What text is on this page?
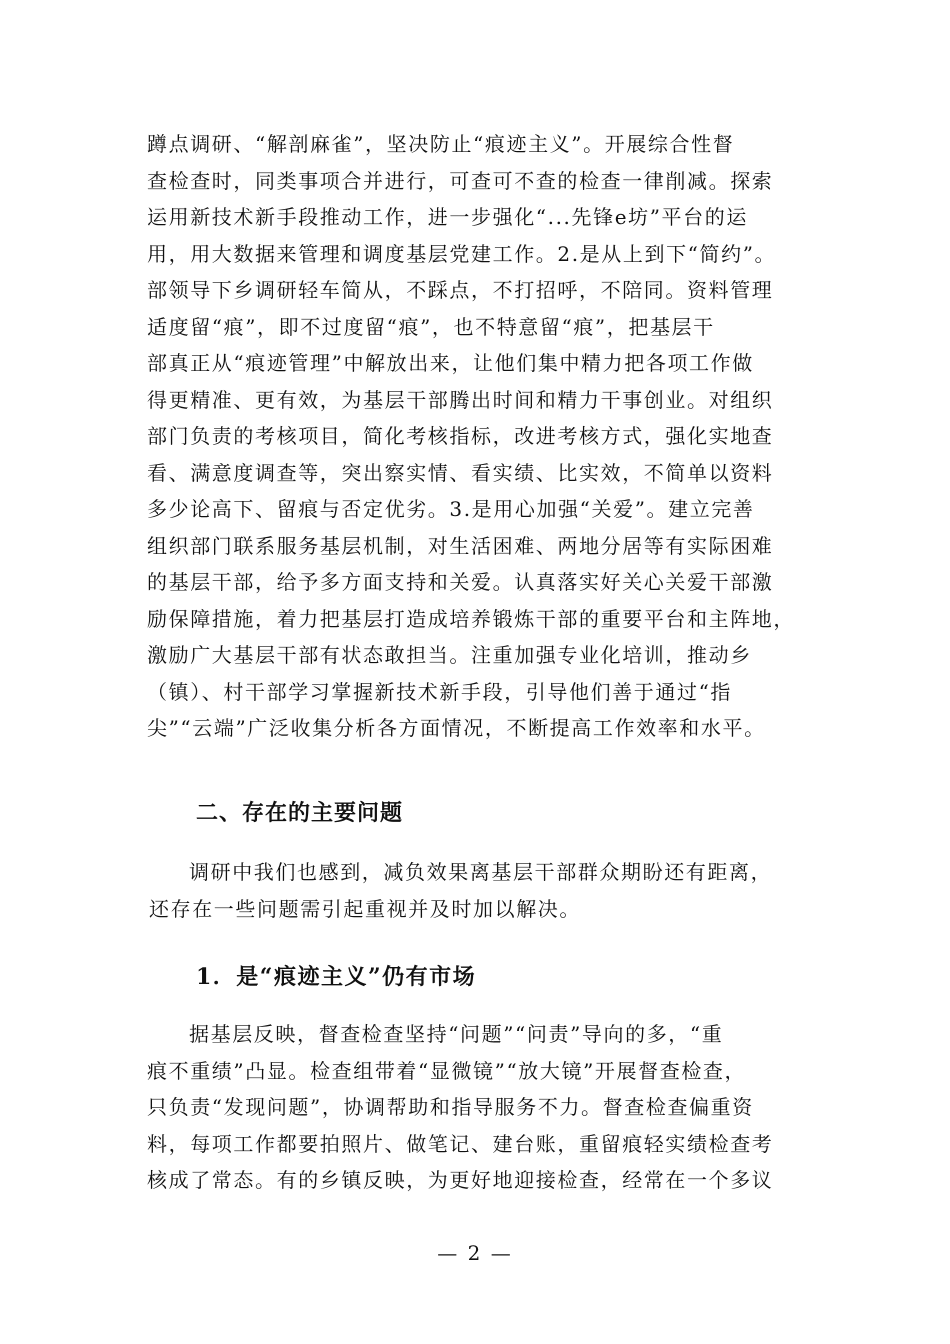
蹲点调研、“解剖麻雀”，坚决防止“痕迹主义”。开展综合性督
查检查时，同类事项合并进行，可查可不查的检查一律削减。探索
运用新技术新手段推动工作，进一步强化“...先锋e坊”平台的运
用，用大数据来管理和调度基层党建工作。2.是从上到下“简约”。
部领导下乡调研轻车简从，不踩点，不打招呼，不陪同。资料管理
适度留“痕”，即不过度留“痕”，也不特意留“痕”，把基层干
部真正从“痕迹管理”中解放出来，让他们集中精力把各项工作做
得更精准、更有效，为基层干部腾出时间和精力干事创业。对组织
部门负责的考核项目，简化考核指标，改进考核方式，强化实地查
看、满意度调查等，突出察实情、看实绩、比实效，不简单以资料
多少论高下、留痕与否定优劣。3.是用心加强“关爱”。建立完善
组织部门联系服务基层机制，对生活困难、两地分居等有实际困难
的基层干部，给予多方面支持和关爱。认真落实好关心关爱干部激
励保障措施，着力把基层打造成培养锻炼干部的重要平台和主阵地，
激励广大基层干部有状态敢担当。注重加强专业化培训，推动乡
（镇）、村干部学习掌握新技术新手段，引导他们善于通过“指
尖”“云端”广泛收集分析各方面情况，不断提高工作效率和水平。
二、存在的主要问题
调研中我们也感到，减负效果离基层干部群众期盼还有距离，
还存在一些问题需引起重视并及时加以解决。
1．是“痕迹主义”仍有市场
据基层反映，督查检查坚持“问题”“问责”导向的多，“重
痕不重绩”凸显。检查组带着“显微镜”“放大镜”开展督查检查，
只负责“发现问题”，协调帮助和指导服务不力。督查检查偏重资
料，每项工作都要拍照片、做笔记、建台账，重留痕轻实绩检查考
核成了常态。有的乡镇反映，为更好地迎接检查，经常在一个多议
— 2 —
